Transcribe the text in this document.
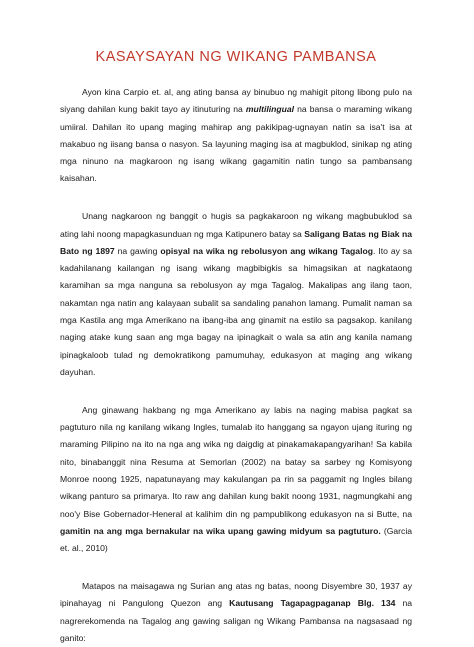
KASAYSAYAN NG WIKANG PAMBANSA

Ayon kina Carpio et. al, ang ating bansa ay binubuo ng mahigit pitong libong pulo na siyang dahilan kung bakit tayo ay itinuturing na multilingual na bansa o maraming wikang umiiral. Dahilan ito upang maging mahirap ang pakikipag-ugnayan natin sa isa't isa at makabuo ng iisang bansa o nasyon. Sa layuning maging isa at magbuklod, sinikap ng ating mga ninuno na magkaroon ng isang wikang gagamitin natin tungo sa pambansang kaisahan.

Unang nagkaroon ng banggit o hugis sa pagkakaroon ng wikang magbubuklod sa ating lahi noong mapagkasunduan ng mga Katipunero batay sa Saligang Batas ng Biak na Bato ng 1897 na gawing opisyal na wika ng rebolusyon ang wikang Tagalog. Ito ay sa kadahilanang kailangan ng isang wikang magbibigkis sa himagsikan at nagkataong karamihan sa mga nanguna sa rebolusyon ay mga Tagalog. Makalipas ang ilang taon, nakamtan nga natin ang kalayaan subalit sa sandaling panahon lamang. Pumalit naman sa mga Kastila ang mga Amerikano na ibang-iba ang ginamit na estilo sa pagsakop. kanilang naging atake kung saan ang mga bagay na ipinagkait o wala sa atin ang kanila namang ipinagkaloob tulad ng demokratikong pamumuhay, edukasyon at maging ang wikang dayuhan.

Ang ginawang hakbang ng mga Amerikano ay labis na naging mabisa pagkat sa pagtuturo nila ng kanilang wikang Ingles, tumalab ito hanggang sa ngayon ujang ituring ng maraming Pilipino na ito na nga ang wika ng daigdig at pinakamakapangyarihan! Sa kabila nito, binabanggit nina Resuma at Semorlan (2002) na batay sa sarbey ng Komisyong Monroe noong 1925, napatunayang may kakulangan pa rin sa paggamit ng Ingles bilang wikang panturo sa primarya. Ito raw ang dahilan kung bakit noong 1931, nagmungkahi ang noo'y Bise Gobernador-Heneral at kalihim din ng pampublikong edukasyon na si Butte, na gamitin na ang mga bernakular na wika upang gawing midyum sa pagtuturo. (Garcia et. al., 2010)

Matapos na maisagawa ng Surian ang atas ng batas, noong Disyembre 30, 1937 ay ipinahayag ni Pangulong Quezon ang Kautusang Tagapagpaganap Blg. 134 na nagrerekomenda na Tagalog ang gawing saligan ng Wikang Pambansa na nagsasaad ng ganito:
